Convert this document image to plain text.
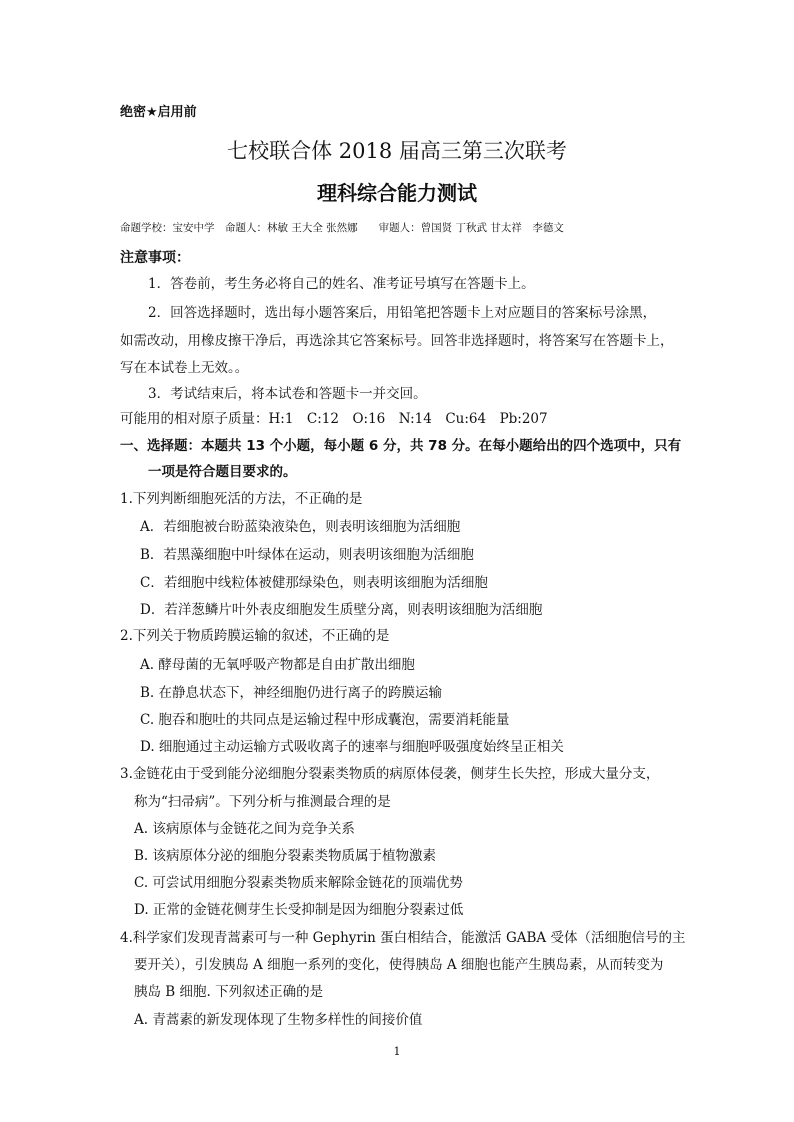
绝密★启用前
七校联合体 2018 届高三第三次联考
理科综合能力测试
命题学校：宝安中学　命题人：林敏 王大全 张然娜　　审题人：曾国贤 丁秋武 甘太祥　李德文
注意事项：
1．答卷前，考生务必将自己的姓名、准考证号填写在答题卡上。
2．回答选择题时，选出每小题答案后，用铅笔把答题卡上对应题目的答案标号涂黑，
如需改动，用橡皮擦干净后，再选涂其它答案标号。回答非选择题时，将答案写在答题卡上，
写在本试卷上无效。。
3．考试结束后，将本试卷和答题卡一并交回。
可能用的相对原子质量：H:1　C:12　O:16　N:14　Cu:64　Pb:207
一、选择题：本题共 13 个小题，每小题 6 分，共 78 分。在每小题给出的四个选项中，只有
一项是符合题目要求的。
1.下列判断细胞死活的方法，不正确的是
A．若细胞被台盼蓝染液染色，则表明该细胞为活细胞
B．若黑藻细胞中叶绿体在运动，则表明该细胞为活细胞
C．若细胞中线粒体被健那绿染色，则表明该细胞为活细胞
D．若洋葱鳞片叶外表皮细胞发生质壁分离，则表明该细胞为活细胞
2.下列关于物质跨膜运输的叙述，不正确的是
A. 酵母菌的无氧呼吸产物都是自由扩散出细胞
B. 在静息状态下，神经细胞仍进行离子的跨膜运输
C. 胞吞和胞吐的共同点是运输过程中形成囊泡，需要消耗能量
D. 细胞通过主动运输方式吸收离子的速率与细胞呼吸强度始终呈正相关
3.金链花由于受到能分泌细胞分裂素类物质的病原体侵袭，侧芽生长失控，形成大量分支，
称为“扫帚病”。下列分析与推测最合理的是
A. 该病原体与金链花之间为竞争关系
B. 该病原体分泌的细胞分裂素类物质属于植物激素
C. 可尝试用细胞分裂素类物质来解除金链花的顶端优势
D. 正常的金链花侧芽生长受抑制是因为细胞分裂素过低
4.科学家们发现青蒿素可与一种 Gephyrin 蛋白相结合，能激活 GABA 受体（活细胞信号的主
要开关），引发胰岛 A 细胞一系列的变化，使得胰岛 A 细胞也能产生胰岛素，从而转变为
胰岛 B 细胞. 下列叙述正确的是
A. 青蒿素的新发现体现了生物多样性的间接价值
1
